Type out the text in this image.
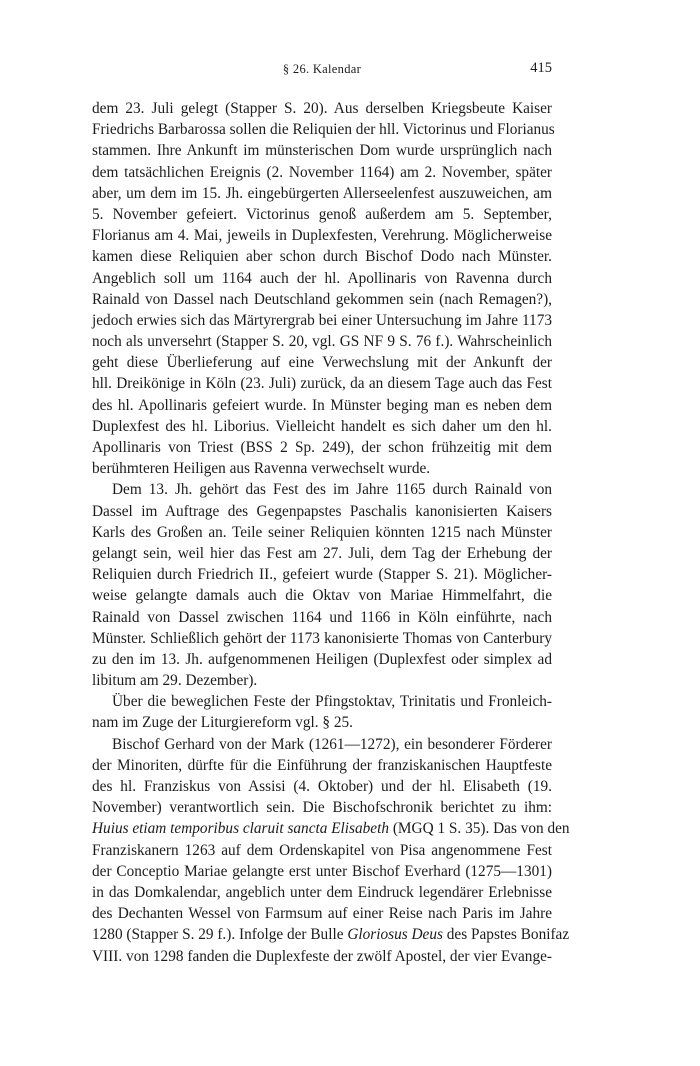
§ 26. Kalendar	415
dem 23. Juli gelegt (Stapper S. 20). Aus derselben Kriegsbeute Kaiser
Friedrichs Barbarossa sollen die Reliquien der hll. Victorinus und Florianus
stammen. Ihre Ankunft im münsterischen Dom wurde ursprünglich nach
dem tatsächlichen Ereignis (2. November 1164) am 2. November, später
aber, um dem im 15. Jh. eingebürgerten Allerseelenfest auszuweichen, am
5. November gefeiert. Victorinus genoß außerdem am 5. September,
Florianus am 4. Mai, jeweils in Duplexfesten, Verehrung. Möglicherweise
kamen diese Reliquien aber schon durch Bischof Dodo nach Münster.
Angeblich soll um 1164 auch der hl. Apollinaris von Ravenna durch
Rainald von Dassel nach Deutschland gekommen sein (nach Remagen?),
jedoch erwies sich das Märtyrergrab bei einer Untersuchung im Jahre 1173
noch als unversehrt (Stapper S. 20, vgl. GS NF 9 S. 76 f.). Wahrscheinlich
geht diese Überlieferung auf eine Verwechslung mit der Ankunft der
hll. Dreikönige in Köln (23. Juli) zurück, da an diesem Tage auch das Fest
des hl. Apollinaris gefeiert wurde. In Münster beging man es neben dem
Duplexfest des hl. Liborius. Vielleicht handelt es sich daher um den hl.
Apollinaris von Triest (BSS 2 Sp. 249), der schon frühzeitig mit dem
berühmteren Heiligen aus Ravenna verwechselt wurde.
Dem 13. Jh. gehört das Fest des im Jahre 1165 durch Rainald von
Dassel im Auftrage des Gegenpapstes Paschalis kanonisierten Kaisers
Karls des Großen an. Teile seiner Reliquien könnten 1215 nach Münster
gelangt sein, weil hier das Fest am 27. Juli, dem Tag der Erhebung der
Reliquien durch Friedrich II., gefeiert wurde (Stapper S. 21). Möglicher-
weise gelangte damals auch die Oktav von Mariae Himmelfahrt, die
Rainald von Dassel zwischen 1164 und 1166 in Köln einführte, nach
Münster. Schließlich gehört der 1173 kanonisierte Thomas von Canterbury
zu den im 13. Jh. aufgenommenen Heiligen (Duplexfest oder simplex ad
libitum am 29. Dezember).
Über die beweglichen Feste der Pfingstoktav, Trinitatis und Fronleich-
nam im Zuge der Liturgiereform vgl. § 25.
Bischof Gerhard von der Mark (1261—1272), ein besonderer Förderer
der Minoriten, dürfte für die Einführung der franziskanischen Hauptfeste
des hl. Franziskus von Assisi (4. Oktober) und der hl. Elisabeth (19.
November) verantwortlich sein. Die Bischofschronik berichtet zu ihm:
Huius etiam temporibus claruit sancta Elisabeth (MGQ 1 S. 35). Das von den
Franziskanern 1263 auf dem Ordenskapitel von Pisa angenommene Fest
der Conceptio Mariae gelangte erst unter Bischof Everhard (1275—1301)
in das Domkalendar, angeblich unter dem Eindruck legendärer Erlebnisse
des Dechanten Wessel von Farmsum auf einer Reise nach Paris im Jahre
1280 (Stapper S. 29 f.). Infolge der Bulle Gloriosus Deus des Papstes Bonifaz
VIII. von 1298 fanden die Duplexfeste der zwölf Apostel, der vier Evange-
